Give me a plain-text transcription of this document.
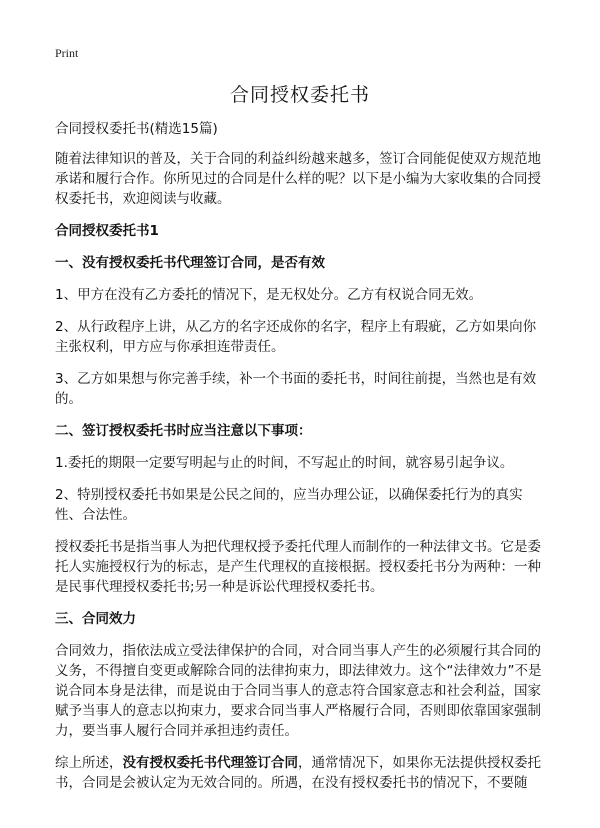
Print
合同授权委托书

合同授权委托书(精选15篇)

随着法律知识的普及，关于合同的利益纠纷越来越多，签订合同能促使双方规范地承诺和履行合作。你所见过的合同是什么样的呢？以下是小编为大家收集的合同授权委托书，欢迎阅读与收藏。

合同授权委托书1

一、没有授权委托书代理签订合同，是否有效

1、甲方在没有乙方委托的情况下，是无权处分。乙方有权说合同无效。

2、从行政程序上讲，从乙方的名字还成你的名字，程序上有瑕疵，乙方如果向你主张权利，甲方应与你承担连带责任。

3、乙方如果想与你完善手续，补一个书面的委托书，时间往前提，当然也是有效的。

二、签订授权委托书时应当注意以下事项：

1.委托的期限一定要写明起与止的时间，不写起止的时间，就容易引起争议。

2、特别授权委托书如果是公民之间的，应当办理公证，以确保委托行为的真实性、合法性。

授权委托书是指当事人为把代理权授予委托代理人而制作的一种法律文书。它是委托人实施授权行为的标志，是产生代理权的直接根据。授权委托书分为两种：一种是民事代理授权委托书;另一种是诉讼代理授权委托书。

三、合同效力

合同效力，指依法成立受法律保护的合同，对合同当事人产生的必须履行其合同的义务，不得擅自变更或解除合同的法律拘束力，即法律效力。这个“法律效力”不是说合同本身是法律，而是说由于合同当事人的意志符合国家意志和社会利益，国家赋予当事人的意志以拘束力，要求合同当事人严格履行合同，否则即依靠国家强制力，要当事人履行合同并承担违约责任。

综上所述，没有授权委托书代理签订合同，通常情况下，如果你无法提供授权委托书，合同是会被认定为无效合同的。所遇，在没有授权委托书的情况下，不要随
